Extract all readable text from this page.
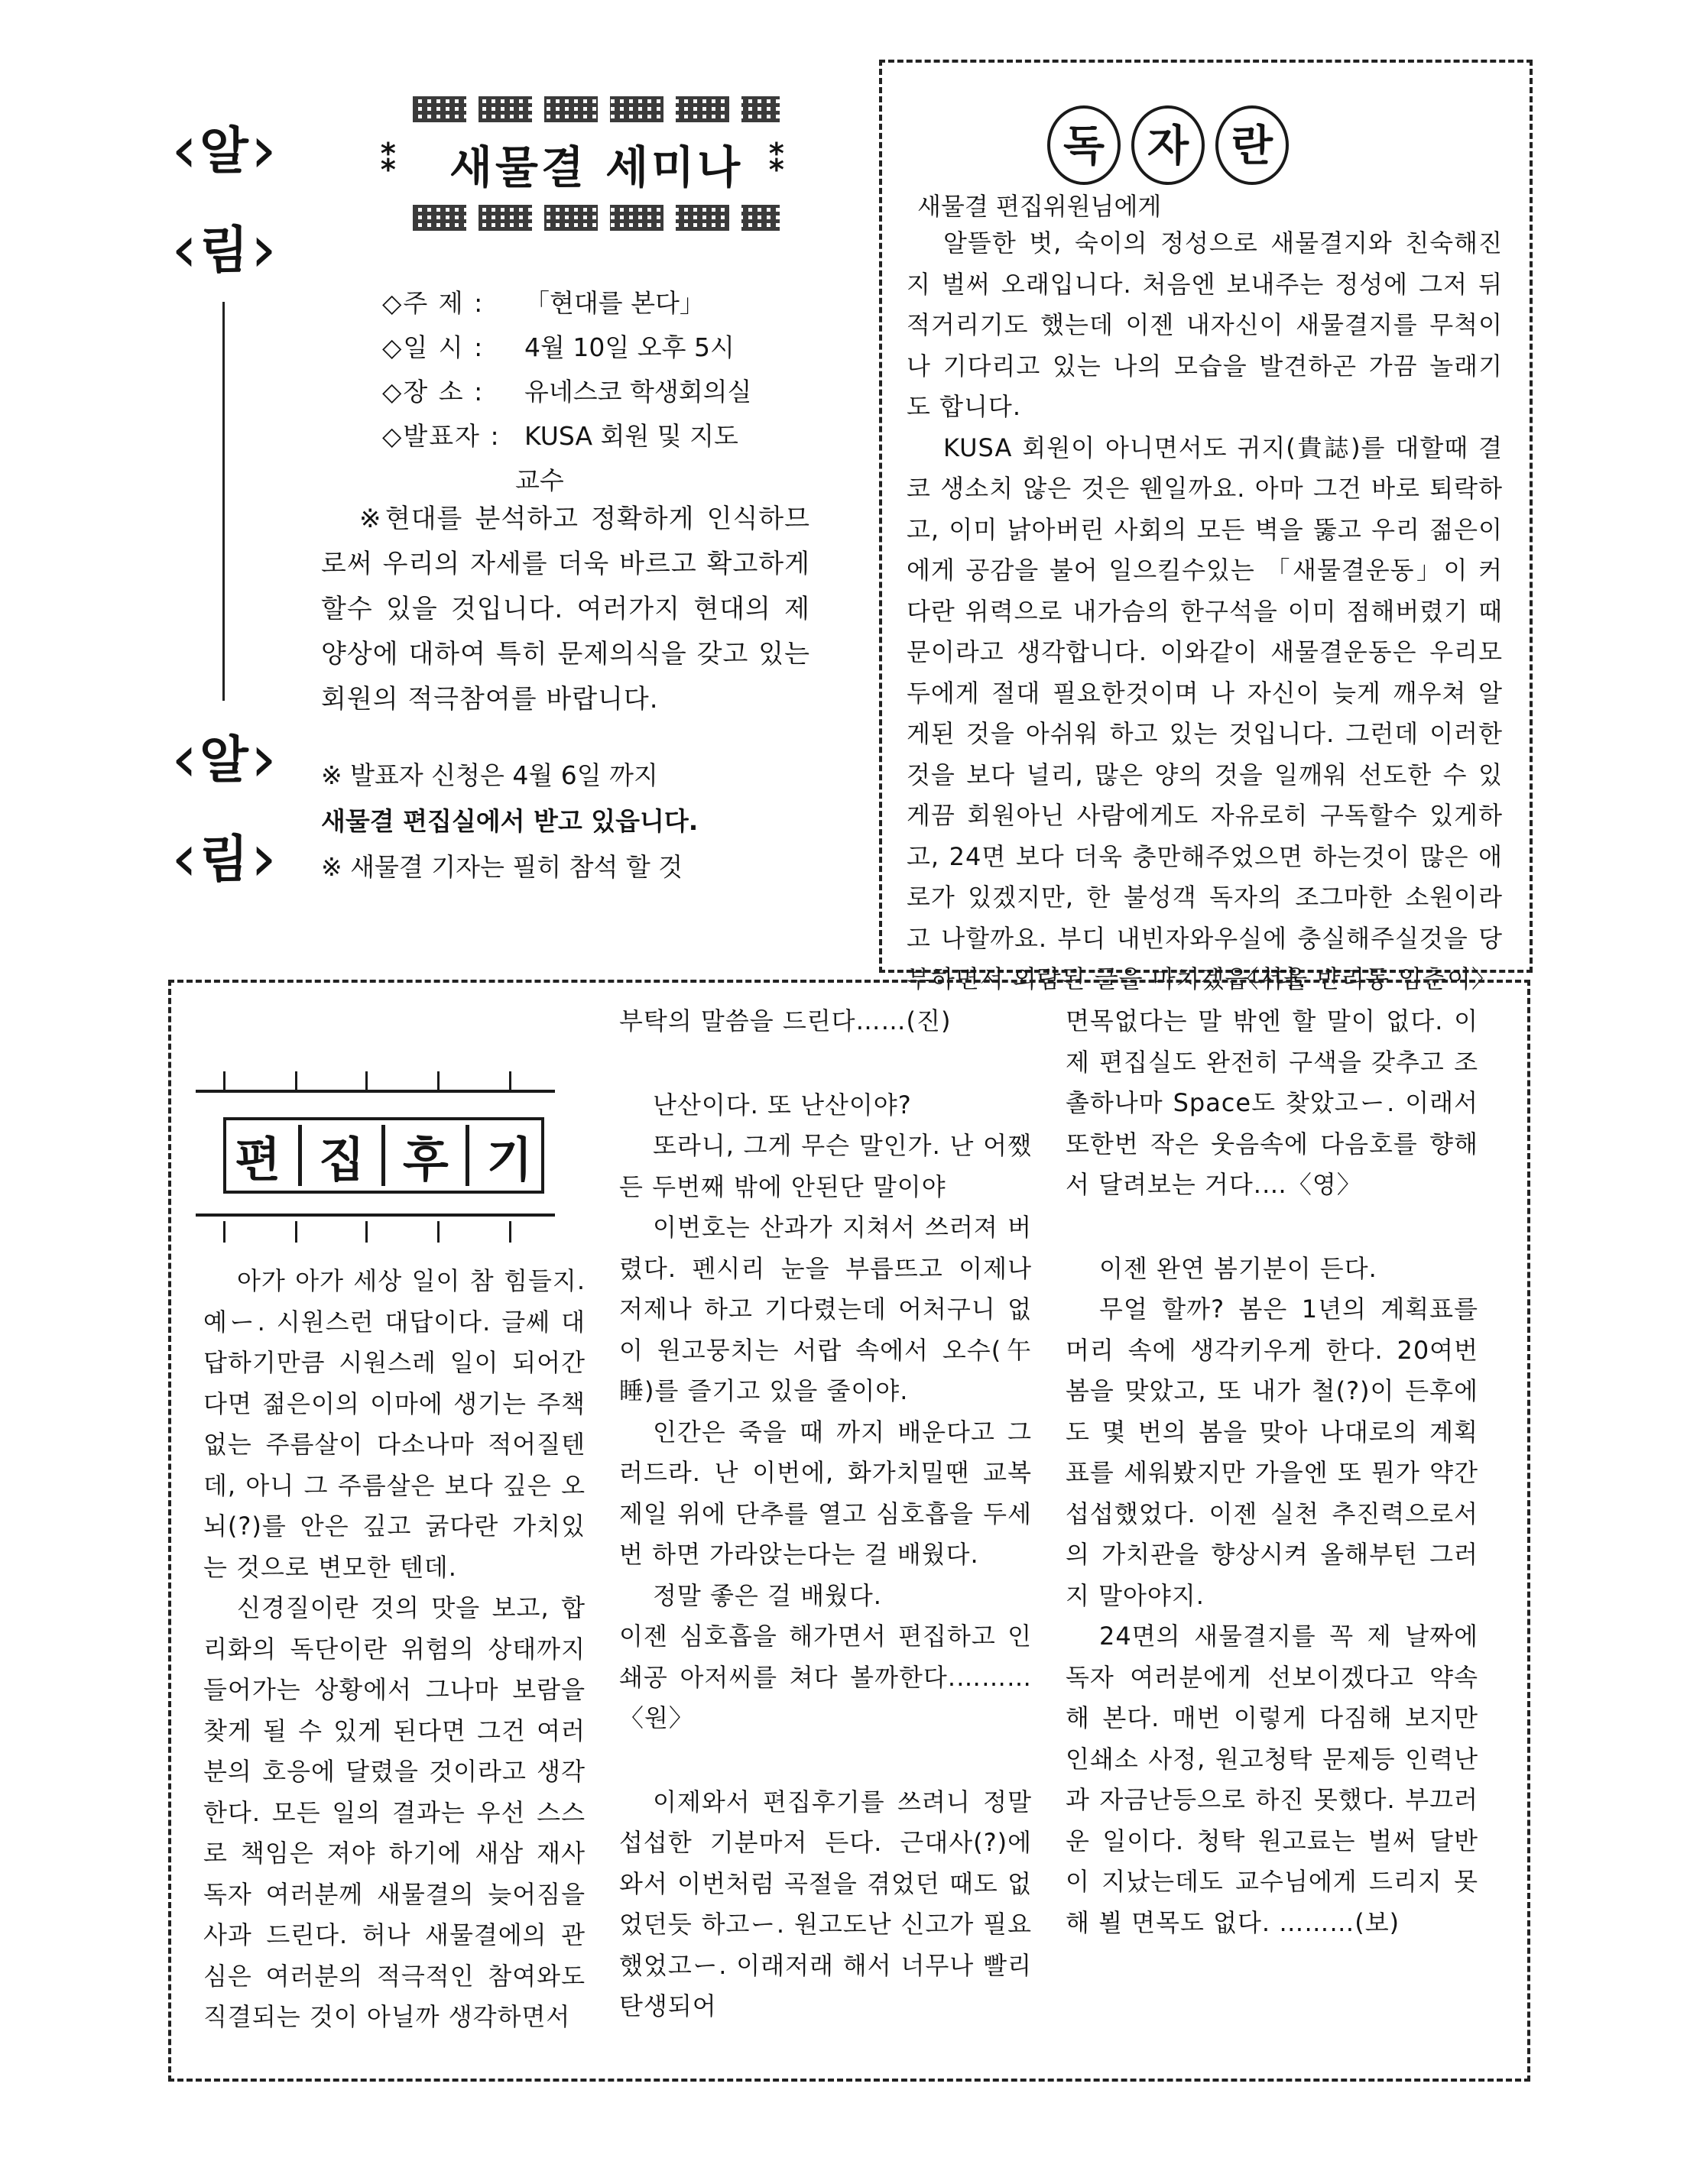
‹ 알 ›
‹ 림 ›
‹ 알 ›
‹ 림 ›
⁑	⁑
새물결 세미나
◇주 제 :	「현대를 본다」
◇일 시 :	4월 10일 오후 5시
◇장 소 :	유네스코 학생회의실
◇발표자 : KUSA 회원 및 지도
교수
※현대를 분석하고 정확하게 인식하므로써 우리의 자세를 더욱 바르고 확고하게 할수 있을 것입니다. 여러가지 현대의 제양상에 대하여 특히 문제의식을 갖고 있는 회원의 적극참여를 바랍니다.
※ 발표자 신청은 4월 6일 까지
새물결 편집실에서 받고 있읍니다.
※ 새물결 기자는 필히 참석 할 것
독 자 란
새물결 편집위원님에게

알뜰한 벗, 숙이의 정성으로 새물결지와 친숙해진지 벌써 오래입니다. 처음엔 보내주는 정성에 그저 뒤적거리기도 했는데 이젠 내자신이 새물결지를 무척이나 기다리고 있는 나의 모습을 발견하곤 가끔 놀래기도 합니다.

KUSA 회원이 아니면서도 귀지(貴誌)를 대할때 결코 생소치 않은 것은 웬일까요. 아마 그건 바로 퇴락하고, 이미 낡아버린 사회의 모든 벽을 뚫고 우리 젊은이에게 공감을 불어 일으킬수있는 「새물결운동」이 커다란 위력으로 내가슴의 한구석을 이미 점해버렸기 때문이라고 생각합니다. 이와같이 새물결운동은 우리모두에게 절대 필요한것이며 나 자신이 늦게 깨우쳐 알게된 것을 아쉬워 하고 있는 것입니다. 그런데 이러한 것을 보다 널리, 많은 양의 것을 일깨워 선도한 수 있게끔 회원아닌 사람에게도 자유로히 구독할수 있게하고, 24면 보다 더욱 충만해주었으면 하는것이 많은 애로가 있겠지만, 한 불성객 독자의 조그마한 소원이라고 나할까요. 부디 내빈자와우실에 충실해주실것을 당부하면서 외람된 글을 마치겠읍니다.

〈서울 반리동 임춘이〉
편 집 후 기

아가 아가 세상 일이 참 힘들지. 예ー. 시원스런 대답이다. 글쎄 대답하기만큼 시원스레 일이 되어간다면 젊은이의 이마에 생기는 주책없는 주름살이 다소나마 적어질텐데, 아니 그 주름살은 보다 깊은 오뇌(?)를 안은 깊고 굵다란 가치있는 것으로 변모한 텐데.

신경질이란 것의 맛을 보고, 합리화의 독단이란 위험의 상태까지 들어가는 상황에서 그나마 보람을 찾게 될 수 있게 된다면 그건 여러분의 호응에 달렸을 것이라고 생각한다. 모든 일의 결과는 우선 스스로 책임은 져야 하기에 새삼 재사 독자 여러분께 새물결의 늦어짐을 사과 드린다. 허나 새물결에의 관심은 여러분의 적극적인 참여와도 직결되는 것이 아닐까 생각하면서

부탁의 말씀을 드린다……(진)

난산이다. 또 난산이야?

또라니, 그게 무슨 말인가. 난 어쨌든 두번째 밖에 안된단 말이야

이번호는 산과가 지쳐서 쓰러져 버렸다. 펜시리 눈을 부릅뜨고 이제나 저제나 하고 기다렸는데 어처구니 없이 원고뭉치는 서랍 속에서 오수(午睡)를 즐기고 있을 줄이야.

인간은 죽을 때 까지 배운다고 그러드라. 난 이번에, 화가치밀땐 교복 제일 위에 단추를 열고 심호흡을 두세번 하면 가라앉는다는 걸 배웠다.

정말 좋은 걸 배웠다.

이젠 심호흡을 해가면서 편집하고 인쇄공 아저씨를 쳐다 볼까한다.………〈원〉

이제와서 편집후기를 쓰려니 정말 섭섭한 기분마저 든다. 근대사(?)에 와서 이번처럼 곡절을 겪었던 때도 없었던듯 하고ー. 원고도난 신고가 필요했었고ー. 이래저래 해서 너무나 빨리 탄생되어

면목없다는 말 밖엔 할 말이 없다. 이제 편집실도 완전히 구색을 갖추고 조촐하나마 Space도 찾았고ー. 이래서 또한번 작은 웃음속에 다음호를 향해서 달려보는 거다.…〈영〉

이젠 완연 봄기분이 든다.

무얼 할까? 봄은 1년의 계획표를 머리 속에 생각키우게 한다. 20여번 봄을 맞았고, 또 내가 철(?)이 든후에도 몇 번의 봄을 맞아 나대로의 계획표를 세워봤지만 가을엔 또 뭔가 약간 섭섭했었다. 이젠 실천 추진력으로서의 가치관을 향상시켜 올해부턴 그러지 말아야지.

24면의 새물결지를 꼭 제 날짜에 독자 여러분에게 선보이겠다고 약속해 본다. 매번 이렇게 다짐해 보지만 인쇄소 사정, 원고청탁 문제등 인력난과 자금난등으로 하진 못했다. 부끄러운 일이다. 청탁 원고료는 벌써 달반이 지났는데도 교수님에게 드리지 못해 뵐 면목도 없다. ………(보)
